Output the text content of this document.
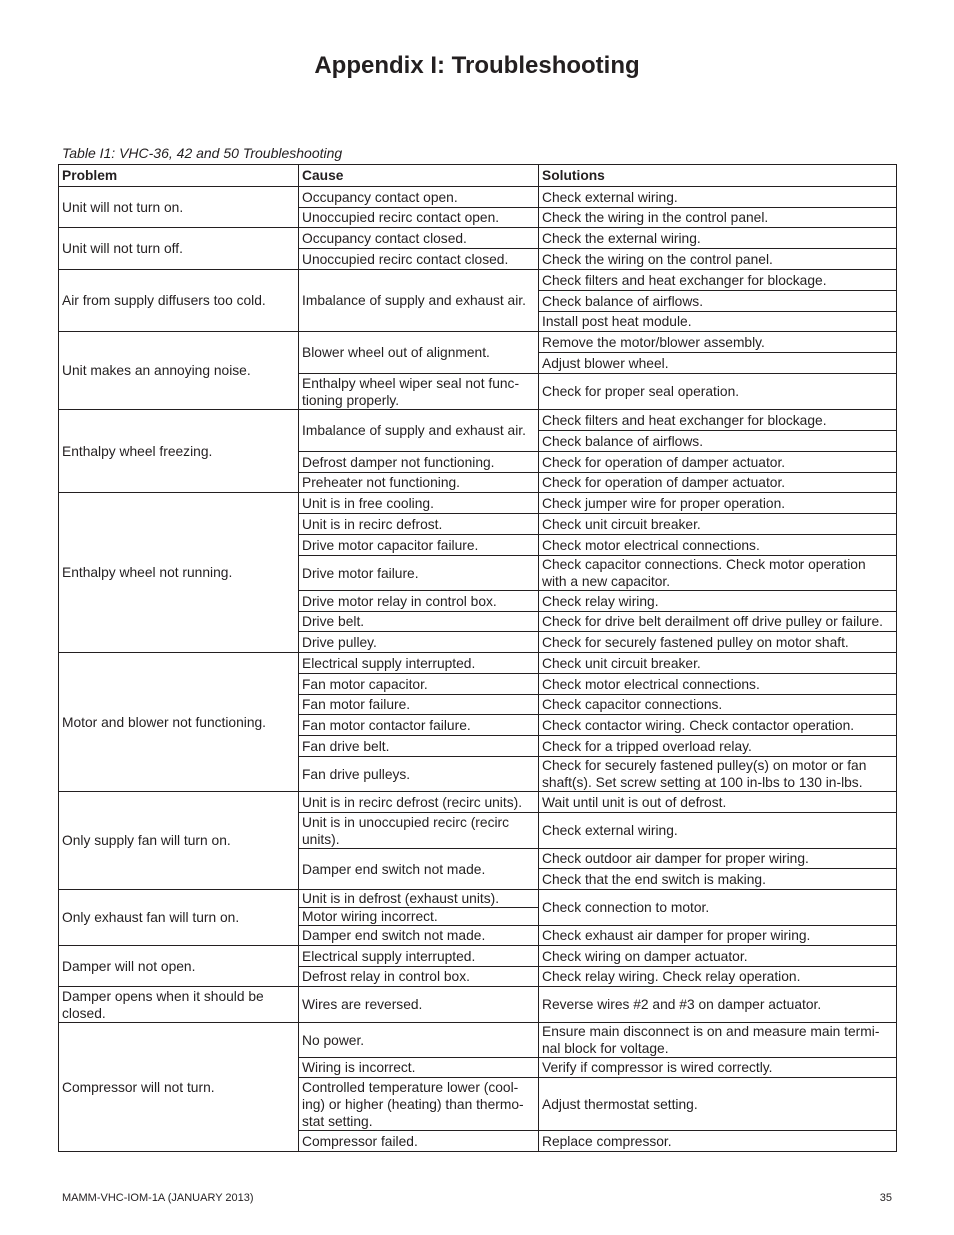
Appendix I: Troubleshooting
Table I1: VHC-36, 42 and 50 Troubleshooting
Problem	Cause	Solutions
Unit will not turn on.	Occupancy contact open.	Check external wiring.
	Unoccupied recirc contact open.	Check the wiring in the control panel.
Unit will not turn off.	Occupancy contact closed.	Check the external wiring.
	Unoccupied recirc contact closed.	Check the wiring on the control panel.
Air from supply diffusers too cold.	Imbalance of supply and exhaust air.	Check filters and heat exchanger for blockage.
		Check balance of airflows.
		Install post heat module.
Unit makes an annoying noise.	Blower wheel out of alignment.	Remove the motor/blower assembly.
		Adjust blower wheel.
	Enthalpy wheel wiper seal not func-tioning properly.	Check for proper seal operation.
Enthalpy wheel freezing.	Imbalance of supply and exhaust air.	Check filters and heat exchanger for blockage.
		Check balance of airflows.
	Defrost damper not functioning.	Check for operation of damper actuator.
	Preheater not functioning.	Check for operation of damper actuator.
Enthalpy wheel not running.	Unit is in free cooling.	Check jumper wire for proper operation.
	Unit is in recirc defrost.	Check unit circuit breaker.
	Drive motor capacitor failure.	Check motor electrical connections.
	Drive motor failure.	Check capacitor connections. Check motor operation with a new capacitor.
	Drive motor relay in control box.	Check relay wiring.
	Drive belt.	Check for drive belt derailment off drive pulley or failure.
	Drive pulley.	Check for securely fastened pulley on motor shaft.
Motor and blower not functioning.	Electrical supply interrupted.	Check unit circuit breaker.
	Fan motor capacitor.	Check motor electrical connections.
	Fan motor failure.	Check capacitor connections.
	Fan motor contactor failure.	Check contactor wiring. Check contactor operation.
	Fan drive belt.	Check for a tripped overload relay.
	Fan drive pulleys.	Check for securely fastened pulley(s) on motor or fan shaft(s). Set screw setting at 100 in-lbs to 130 in-lbs.
Only supply fan will turn on.	Unit is in recirc defrost (recirc units).	Wait until unit is out of defrost.
	Unit is in unoccupied recirc (recirc units).	Check external wiring.
	Damper end switch not made.	Check outdoor air damper for proper wiring.
		Check that the end switch is making.
Only exhaust fan will turn on.	Unit is in defrost (exhaust units).	Check connection to motor.
	Motor wiring incorrect.	
	Damper end switch not made.	Check exhaust air damper for proper wiring.
Damper will not open.	Electrical supply interrupted.	Check wiring on damper actuator.
	Defrost relay in control box.	Check relay wiring. Check relay operation.
Damper opens when it should be closed.	Wires are reversed.	Reverse wires #2 and #3 on damper actuator.
Compressor will not turn.	No power.	Ensure main disconnect is on and measure main termi-nal block for voltage.
	Wiring is incorrect.	Verify if compressor is wired correctly.
	Controlled temperature lower (cool-ing) or higher (heating) than thermo-stat setting.	Adjust thermostat setting.
	Compressor failed.	Replace compressor.
MAMM-VHC-IOM-1A (JANUARY 2013)	35
